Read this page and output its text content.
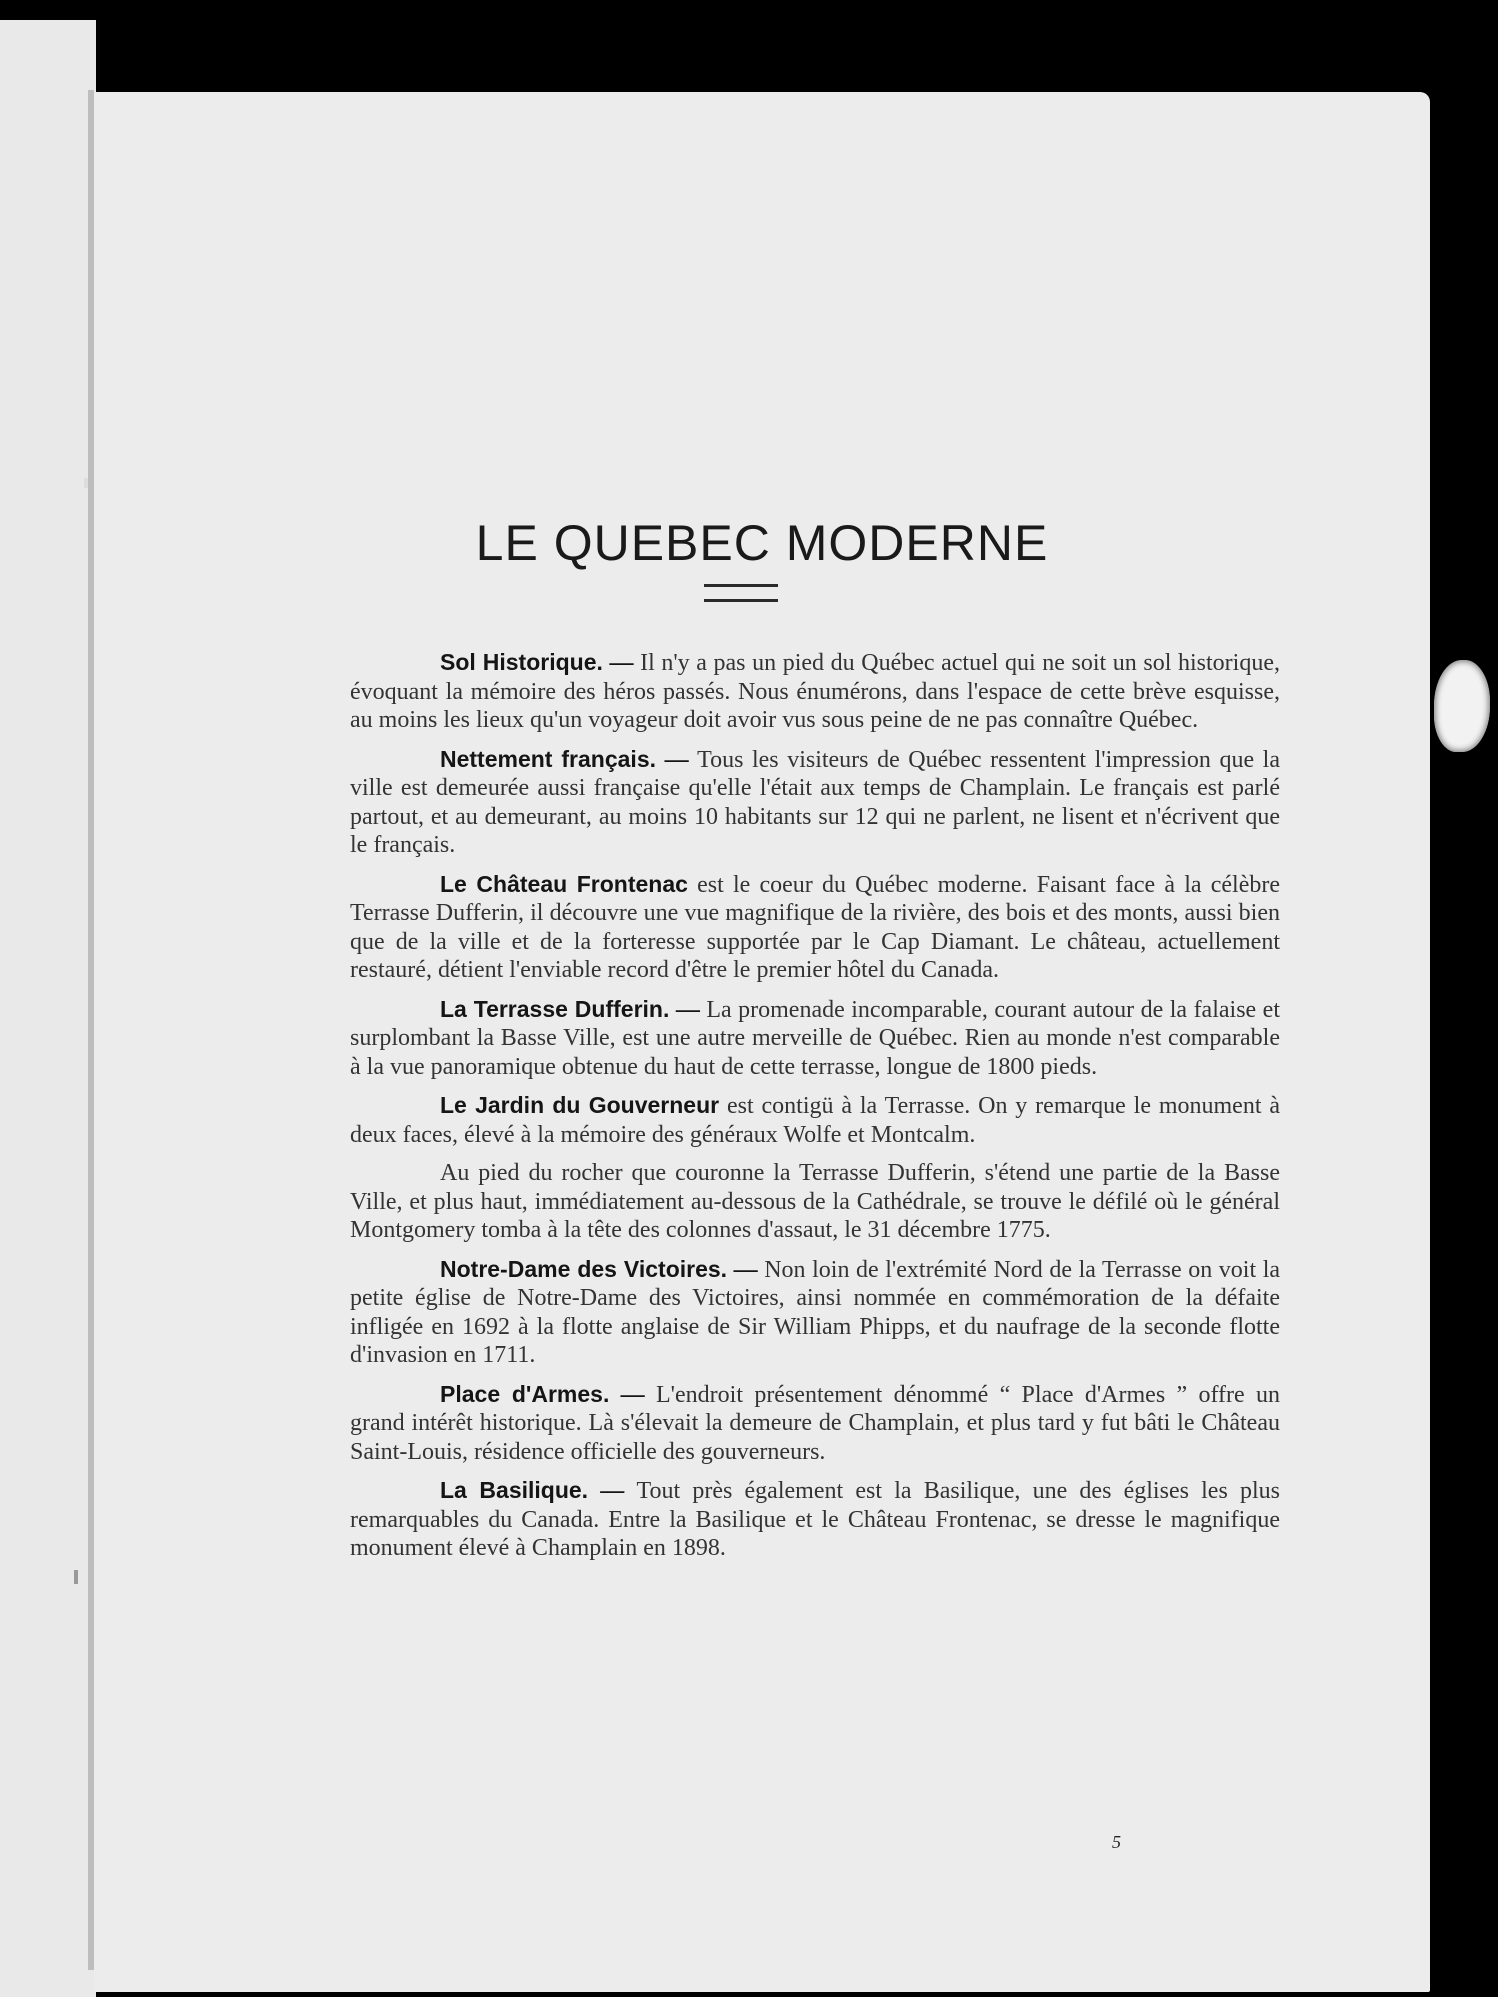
LE QUEBEC MODERNE

Sol Historique. — Il n'y a pas un pied du Québec actuel qui ne soit un sol historique, évoquant la mémoire des héros passés. Nous énumérons, dans l'espace de cette brève esquisse, au moins les lieux qu'un voyageur doit avoir vus sous peine de ne pas connaître Québec.

Nettement français. — Tous les visiteurs de Québec ressentent l'impression que la ville est demeurée aussi française qu'elle l'était aux temps de Champlain. Le français est parlé partout, et au demeurant, au moins 10 habitants sur 12 qui ne parlent, ne lisent et n'écrivent que le français.

Le Château Frontenac est le coeur du Québec moderne. Faisant face à la célèbre Terrasse Dufferin, il découvre une vue magnifique de la rivière, des bois et des monts, aussi bien que de la ville et de la forteresse supportée par le Cap Diamant. Le château, actuellement restauré, détient l'enviable record d'être le premier hôtel du Canada.

La Terrasse Dufferin. — La promenade incomparable, courant autour de la falaise et surplombant la Basse Ville, est une autre merveille de Québec. Rien au monde n'est comparable à la vue panoramique obtenue du haut de cette terrasse, longue de 1800 pieds.

Le Jardin du Gouverneur est contigü à la Terrasse. On y remarque le monument à deux faces, élevé à la mémoire des généraux Wolfe et Montcalm.

Au pied du rocher que couronne la Terrasse Dufferin, s'étend une partie de la Basse Ville, et plus haut, immédiatement au-dessous de la Cathédrale, se trouve le défilé où le général Montgomery tomba à la tête des colonnes d'assaut, le 31 décembre 1775.

Notre-Dame des Victoires. — Non loin de l'extrémité Nord de la Terrasse on voit la petite église de Notre-Dame des Victoires, ainsi nommée en commémoration de la défaite infligée en 1692 à la flotte anglaise de Sir William Phipps, et du naufrage de la seconde flotte d'invasion en 1711.

Place d'Armes. — L'endroit présentement dénommé “ Place d'Armes ” offre un grand intérêt historique. Là s'élevait la demeure de Champlain, et plus tard y fut bâti le Château Saint-Louis, résidence officielle des gouverneurs.

La Basilique. — Tout près également est la Basilique, une des églises les plus remarquables du Canada. Entre la Basilique et le Château Frontenac, se dresse le magnifique monument élevé à Champlain en 1898.

5
